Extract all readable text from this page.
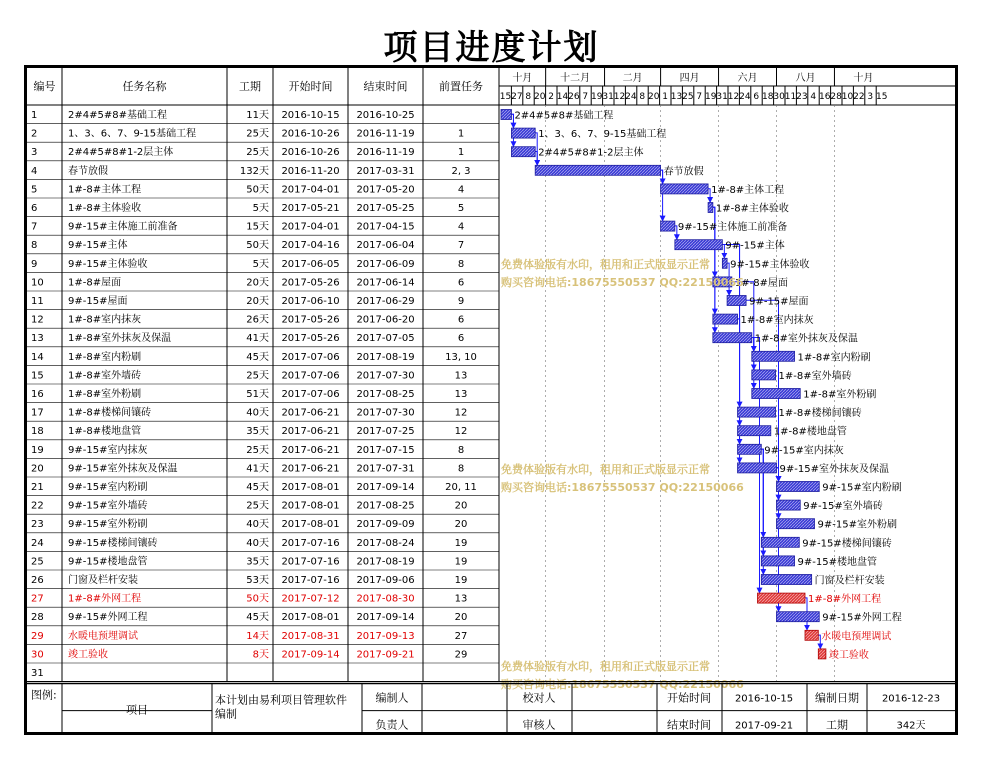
项目进度计划
编号	任务名称	工期	开始时间	结束时间	前置任务
十月	十二月	二月	四月	六月	八月	十月
15 27 8 20 2 14 26 7 19 31 12 24 8 20 1 13 25 7 19 31 12 24 6 18 30 11 23 4 16 28 10 22 3 15
1	2#4#5#8#基础工程	11天 2016-10-15 2016-10-25
2	1、3、6、7、9-15基础工程	25天 2016-10-26 2016-11-19	1
3	2#4#5#8#1-2层主体	25天 2016-10-26 2016-11-19	1
4	春节放假	132天 2016-11-20 2017-03-31	2, 3
5	1#-8#主体工程	50天 2017-04-01 2017-05-20	4
6	1#-8#主体验收	5天 2017-05-21 2017-05-25	5
7	9#-15#主体施工前准备	15天 2017-04-01 2017-04-15	4
8	9#-15#主体	50天 2017-04-16 2017-06-04	7
9	9#-15#主体验收	5天 2017-06-05 2017-06-09	8
10 1#-8#屋面	20天 2017-05-26 2017-06-14	6
11 9#-15#屋面	20天 2017-06-10 2017-06-29	9
12 1#-8#室内抹灰	26天 2017-05-26 2017-06-20	6
13 1#-8#室外抹灰及保温	41天 2017-05-26 2017-07-05	6
14 1#-8#室内粉刷	45天 2017-07-06 2017-08-19	13, 10
15 1#-8#室外墙砖	25天 2017-07-06 2017-07-30	13
16 1#-8#室外粉刷	51天 2017-07-06 2017-08-25	13
17 1#-8#楼梯间镶砖	40天 2017-06-21 2017-07-30	12
18 1#-8#楼地盘管	35天 2017-06-21 2017-07-25	12
19 9#-15#室内抹灰	25天 2017-06-21 2017-07-15	8
20 9#-15#室外抹灰及保温	41天 2017-06-21 2017-07-31	8
21 9#-15#室内粉刷	45天 2017-08-01 2017-09-14	20, 11
22 9#-15#室外墙砖	25天 2017-08-01 2017-08-25	20
23 9#-15#室外粉刷	40天 2017-08-01 2017-09-09	20
24 9#-15#楼梯间镶砖	40天 2017-07-16 2017-08-24	19
25 9#-15#楼地盘管	35天 2017-07-16 2017-08-19	19
26 门窗及栏杆安装	53天 2017-07-16 2017-09-06	19
27 1#-8#外网工程	50天 2017-07-12 2017-08-30	13
28 9#-15#外网工程	45天 2017-08-01 2017-09-14	20
29 水暖电预埋调试	14天 2017-08-31 2017-09-13	27
30 竣工验收	8天 2017-09-14 2017-09-21	29
31
2#4#5#8#基础工程
1、3、6、7、9-15基础工程
2#4#5#8#1-2层主体
春节放假
1#-8#主体工程
1#-8#主体验收
9#-15#主体施工前准备
9#-15#主体
9#-15#主体验收
1#-8#屋面
9#-15#屋面
1#-8#室内抹灰
1#-8#室外抹灰及保温
1#-8#室内粉刷
1#-8#室外墙砖
1#-8#室外粉刷
1#-8#楼梯间镶砖
1#-8#楼地盘管
9#-15#室内抹灰
9#-15#室外抹灰及保温
9#-15#室内粉刷
9#-15#室外墙砖
9#-15#室外粉刷
9#-15#楼梯间镶砖
9#-15#楼地盘管
门窗及栏杆安装
1#-8#外网工程
9#-15#外网工程
水暖电预埋调试
竣工验收
免费体验版有水印，租用和正式版显示正常
购买咨询电话:18675550537 QQ:22150066
免费体验版有水印，租用和正式版显示正常
购买咨询电话:18675550537 QQ:22150066
免费体验版有水印，租用和正式版显示正常
购买咨询电话:18675550537 QQ:22150066
图例:
项目
本计划由易利项目管理软件
编制
编制人	校对人	开始时间 2016-10-15 编制日期 2016-12-23
负责人	审核人	结束时间 2017-09-21	工期	342天
